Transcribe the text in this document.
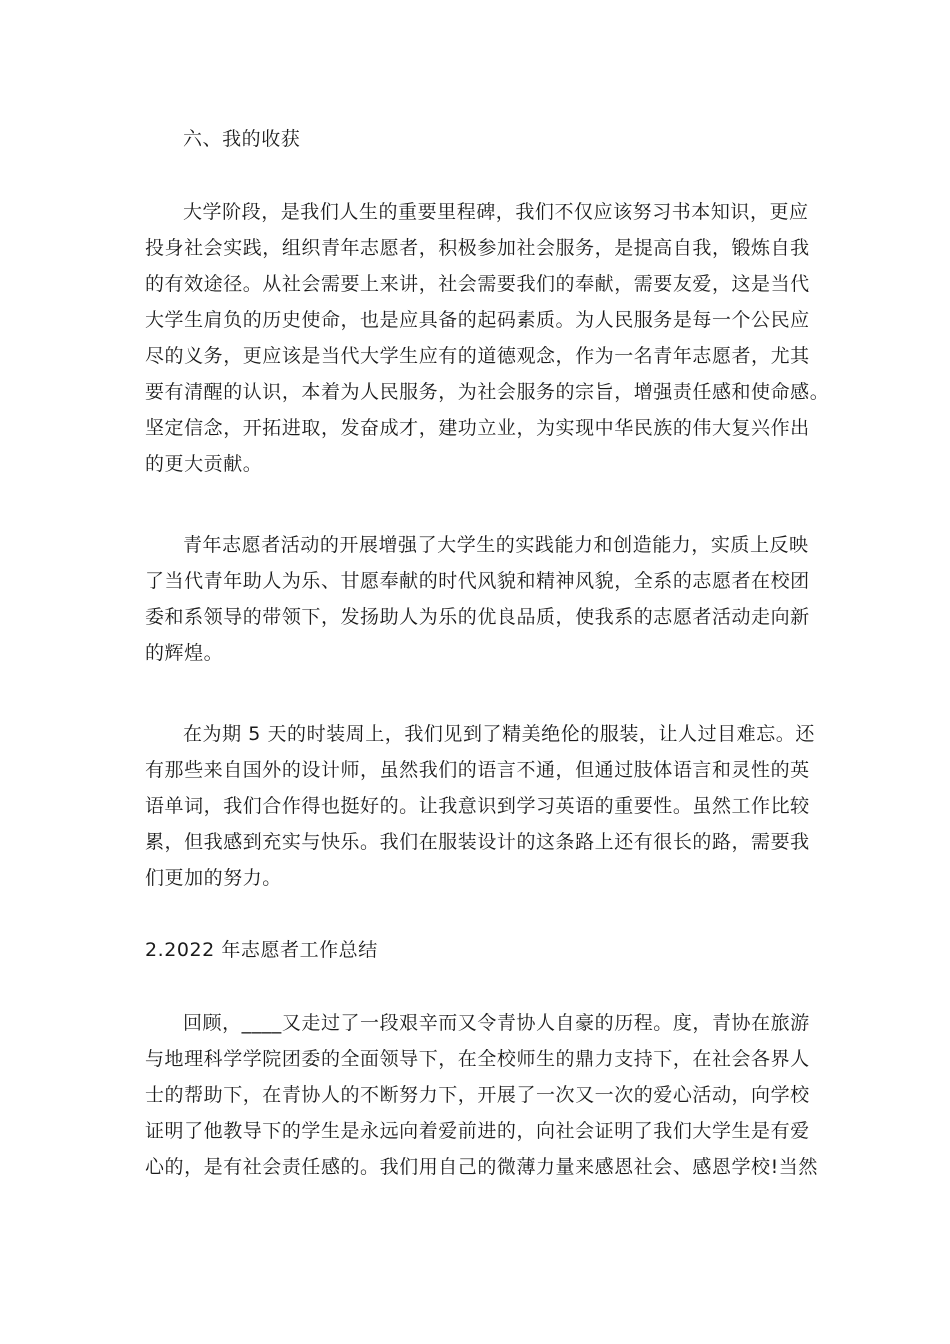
六、我的收获

大学阶段，是我们人生的重要里程碑，我们不仅应该努习书本知识，更应

投身社会实践，组织青年志愿者，积极参加社会服务，是提高自我，锻炼自我

的有效途径。从社会需要上来讲，社会需要我们的奉献，需要友爱，这是当代

大学生肩负的历史使命，也是应具备的起码素质。为人民服务是每一个公民应

尽的义务，更应该是当代大学生应有的道德观念，作为一名青年志愿者，尤其

要有清醒的认识，本着为人民服务，为社会服务的宗旨，增强责任感和使命感。

坚定信念，开拓进取，发奋成才，建功立业，为实现中华民族的伟大复兴作出

的更大贡献。

青年志愿者活动的开展增强了大学生的实践能力和创造能力，实质上反映

了当代青年助人为乐、甘愿奉献的时代风貌和精神风貌，全系的志愿者在校团

委和系领导的带领下，发扬助人为乐的优良品质，使我系的志愿者活动走向新

的辉煌。

在为期 5 天的时装周上，我们见到了精美绝伦的服装，让人过目难忘。还

有那些来自国外的设计师，虽然我们的语言不通，但通过肢体语言和灵性的英

语单词，我们合作得也挺好的。让我意识到学习英语的重要性。虽然工作比较

累，但我感到充实与快乐。我们在服装设计的这条路上还有很长的路，需要我

们更加的努力。

2.2022 年志愿者工作总结

回顾，____又走过了一段艰辛而又令青协人自豪的历程。度，青协在旅游

与地理科学学院团委的全面领导下，在全校师生的鼎力支持下，在社会各界人

士的帮助下，在青协人的不断努力下，开展了一次又一次的爱心活动，向学校

证明了他教导下的学生是永远向着爱前进的，向社会证明了我们大学生是有爱

心的，是有社会责任感的。我们用自己的微薄力量来感恩社会、感恩学校!当然
